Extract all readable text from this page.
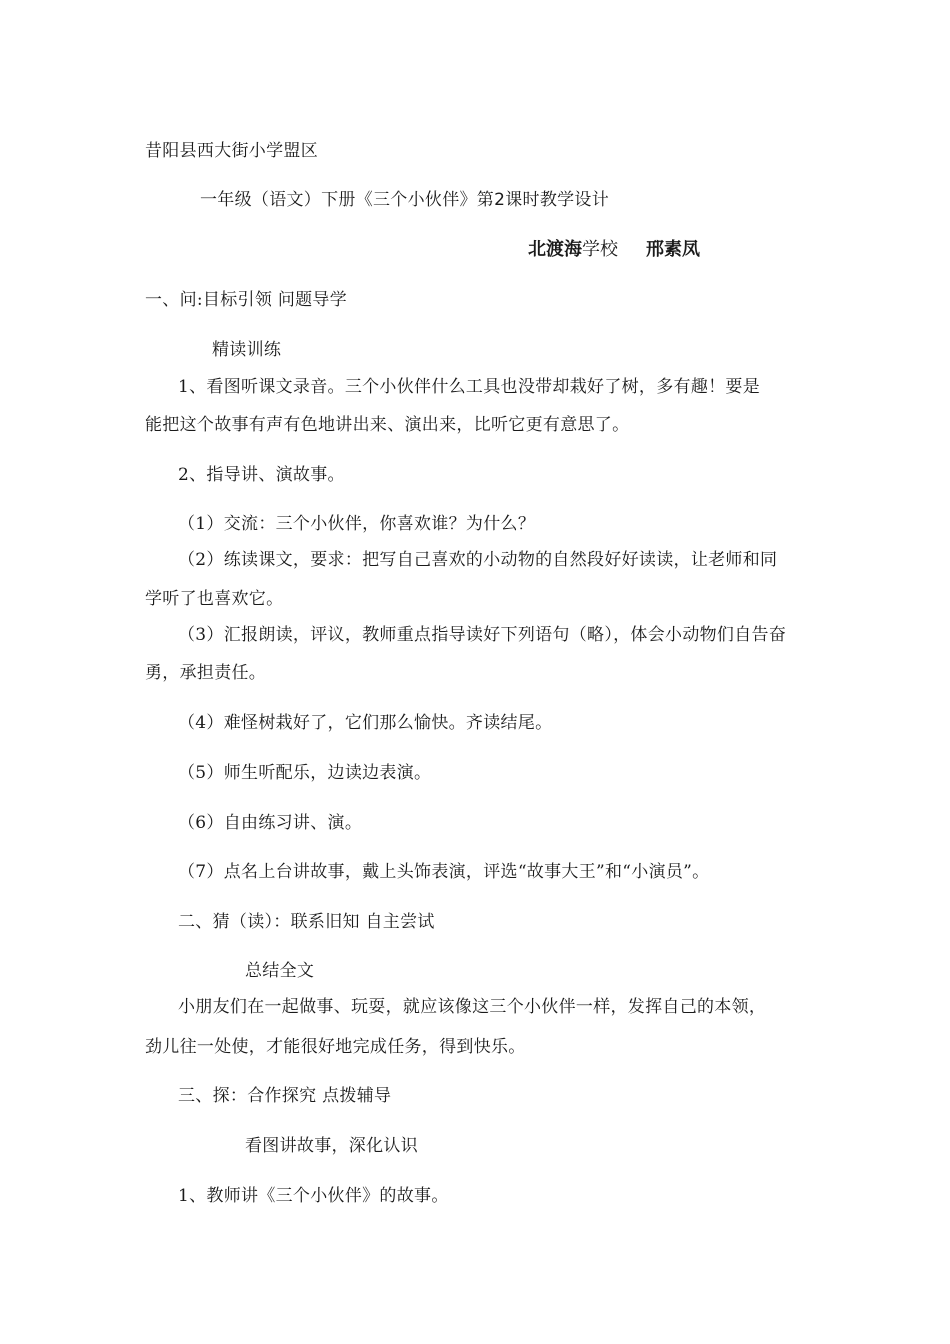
昔阳县西大街小学盟区
一年级（语文）下册《三个小伙伴》第2课时教学设计
北渡海学校 邢素凤
一、问:目标引领 问题导学
精读训练
1、看图听课文录音。三个小伙伴什么工具也没带却栽好了树，多有趣！要是
能把这个故事有声有色地讲出来、演出来，比听它更有意思了。
2、指导讲、演故事。
（1）交流：三个小伙伴，你喜欢谁？为什么？
（2）练读课文，要求：把写自己喜欢的小动物的自然段好好读读，让老师和同
学听了也喜欢它。
（3）汇报朗读，评议，教师重点指导读好下列语句（略），体会小动物们自告奋
勇，承担责任。
（4）难怪树栽好了，它们那么愉快。齐读结尾。
（5）师生听配乐，边读边表演。
（6）自由练习讲、演。
（7）点名上台讲故事，戴上头饰表演，评选“故事大王”和“小演员”。
二、猜（读）：联系旧知 自主尝试
总结全文
小朋友们在一起做事、玩耍，就应该像这三个小伙伴一样，发挥自己的本领，
劲儿往一处使，才能很好地完成任务，得到快乐。
三、探：合作探究 点拨辅导
看图讲故事，深化认识
1、教师讲《三个小伙伴》的故事。
